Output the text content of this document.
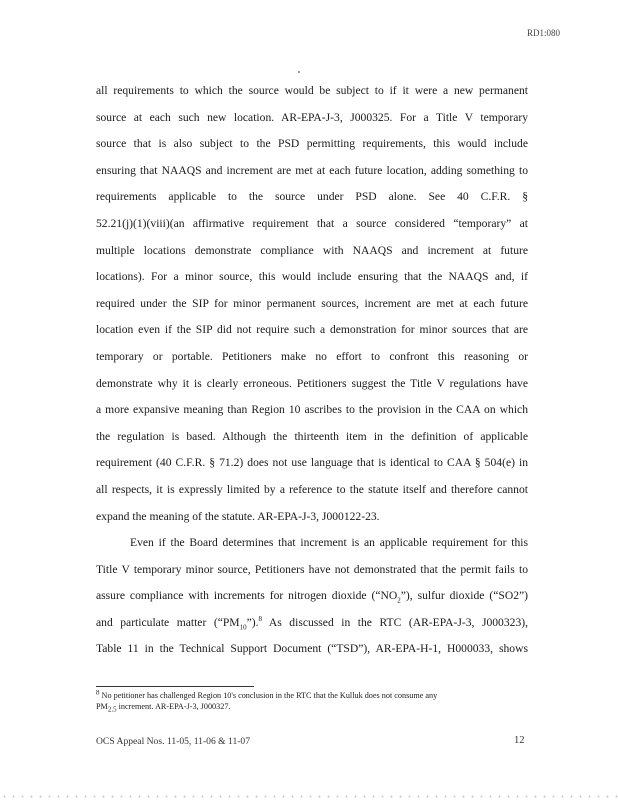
RD1:080
all requirements to which the source would be subject to if it were a new permanent
source at each such new location. AR-EPA-J-3, J000325. For a Title V temporary
source that is also subject to the PSD permitting requirements, this would include
ensuring that NAAQS and increment are met at each future location, adding something to
requirements applicable to the source under PSD alone. See 40 C.F.R. §
52.21(j)(1)(viii)(an affirmative requirement that a source considered “temporary” at
multiple locations demonstrate compliance with NAAQS and increment at future
locations). For a minor source, this would include ensuring that the NAAQS and, if
required under the SIP for minor permanent sources, increment are met at each future
location even if the SIP did not require such a demonstration for minor sources that are
temporary or portable. Petitioners make no effort to confront this reasoning or
demonstrate why it is clearly erroneous. Petitioners suggest the Title V regulations have
a more expansive meaning than Region 10 ascribes to the provision in the CAA on which
the regulation is based. Although the thirteenth item in the definition of applicable
requirement (40 C.F.R. § 71.2) does not use language that is identical to CAA § 504(e) in
all respects, it is expressly limited by a reference to the statute itself and therefore cannot
expand the meaning of the statute. AR-EPA-J-3, J000122-23.
Even if the Board determines that increment is an applicable requirement for this
Title V temporary minor source, Petitioners have not demonstrated that the permit fails to
assure compliance with increments for nitrogen dioxide $(“NO_2”)$, sulfur dioxide (“SO2”)
and particulate matter $(“PM_{10}”).^8$ As discussed in the RTC (AR-EPA-J-3, J000323),
Table 11 in the Technical Support Document (“TSD”), AR-EPA-H-1, H000033, shows
$^8$ No petitioner has challenged Region 10's conclusion in the RTC that the Kulluk does not consume any
$PM_{2.5}$ increment. AR-EPA-J-3, J000327.
OCS Appeal Nos. 11-05, 11-06 & 11-07	12
